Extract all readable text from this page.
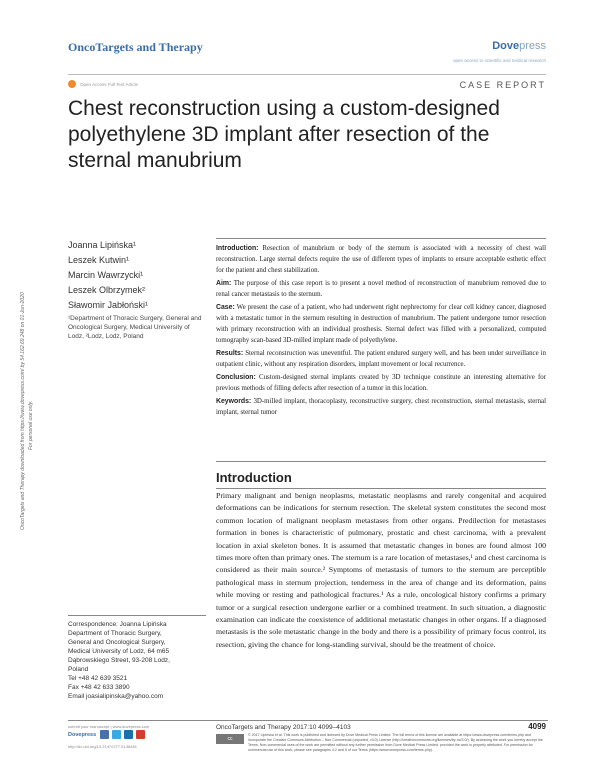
OncoTargets and Therapy	Dovepress
open access to scientific and medical research
Open Access Full Text Article	CASE REPORT
Chest reconstruction using a custom-designed polyethylene 3D implant after resection of the sternal manubrium
OncoTargets and Therapy downloaded from https://www.dovepress.com/ by 54.162.69.248 on 01-Jun-2020 For personal use only.
Joanna Lipińska¹
Leszek Kutwin¹
Marcin Wawrzycki¹
Leszek Olbrzymek²
Sławomir Jabłoński¹
¹Department of Thoracic Surgery, General and Oncological Surgery, Medical University of Lodz, ²Lodz, Lodz, Poland

Introduction: Resection of manubrium or body of the sternum is associated with a necessity of chest wall reconstruction. Large sternal defects require the use of different types of implants to ensure acceptable esthetic effect for the patient and chest stabilization.

Aim: The purpose of this case report is to present a novel method of reconstruction of manubrium removed due to renal cancer metastasis to the sternum.

Case: We present the case of a patient, who had underwent right nephrectomy for clear cell kidney cancer, diagnosed with a metastatic tumor in the sternum resulting in destruction of manubrium. The patient undergone tumor resection with primary reconstruction with an individual prosthesis. Sternal defect was filled with a personalized, computed tomography scan-based 3D-milled implant made of polyethylene.

Results: Sternal reconstruction was uneventful. The patient endured surgery well, and has been under surveillance in outpatient clinic, without any respiration disorders, implant movement or local recurrence.

Conclusion: Custom-designed sternal implants created by 3D technique constitute an interesting alternative for previous methods of filling defects after resection of a tumor in this location.

Keywords: 3D-milled implant, thoracoplasty, reconstructive surgery, chest reconstruction, sternal metastasis, sternal implant, sternal tumor

Introduction
Primary malignant and benign neoplasms, metastatic neoplasms and rarely congenital and acquired deformations can be indications for sternum resection. The skeletal system constitutes the second most common location of malignant neoplasm metastases from other organs. Predilection for metastases formation in bones is characteristic of pulmonary, prostatic and chest carcinoma, with a prevalent location in axial skeleton bones. It is assumed that metastatic changes in bones are found almost 100 times more often than primary ones. The sternum is a rare location of metastases,¹ and chest carcinoma is considered as their main source.² Symptoms of metastasis of tumors to the sternum are perceptible pathological mass in sternum projection, tenderness in the area of change and its deformation, pains while moving or resting and pathological fractures.¹ As a rule, oncological history confirms a primary tumor or a surgical resection undergone earlier or a combined treatment. In such situation, a diagnostic examination can indicate the coexistence of additional metastatic changes in other organs. If a diagnosed metastasis is the sole metastatic change in the body and there is a possibility of primary focus control, its resection, giving the chance for long-standing survival, should be the treatment of choice.
Correspondence: Joanna Lipińska
Department of Thoracic Surgery,
General and Oncological Surgery,
Medical University of Lodz, 64 m65
Dąbrowskiego Street, 93-208 Lodz,
Poland
Tel +48 42 639 3521
Fax +48 42 633 3890
Email joasialipinska@yahoo.com
submit your manuscript | www.dovepress.com
Dovepress
http://dx.doi.org/10.2147/OTT.S138481
OncoTargets and Therapy 2017:10 4099–4103	4099
cc
© 2017 Lipińska et al. This work is published and licensed by Dove Medical Press Limited. The full terms of this license are available at https://www.dovepress.com/terms.php and incorporate the Creative Commons Attribution – Non Commercial (unported, v3.0) License (http://creativecommons.org/licenses/by-nc/3.0/). By accessing the work you hereby accept the Terms. Non-commercial uses of the work are permitted without any further permission from Dove Medical Press Limited, provided the work is properly attributed. For permission for commercial use of this work, please see paragraphs 4.2 and 5 of our Terms (https://www.dovepress.com/terms.php).
